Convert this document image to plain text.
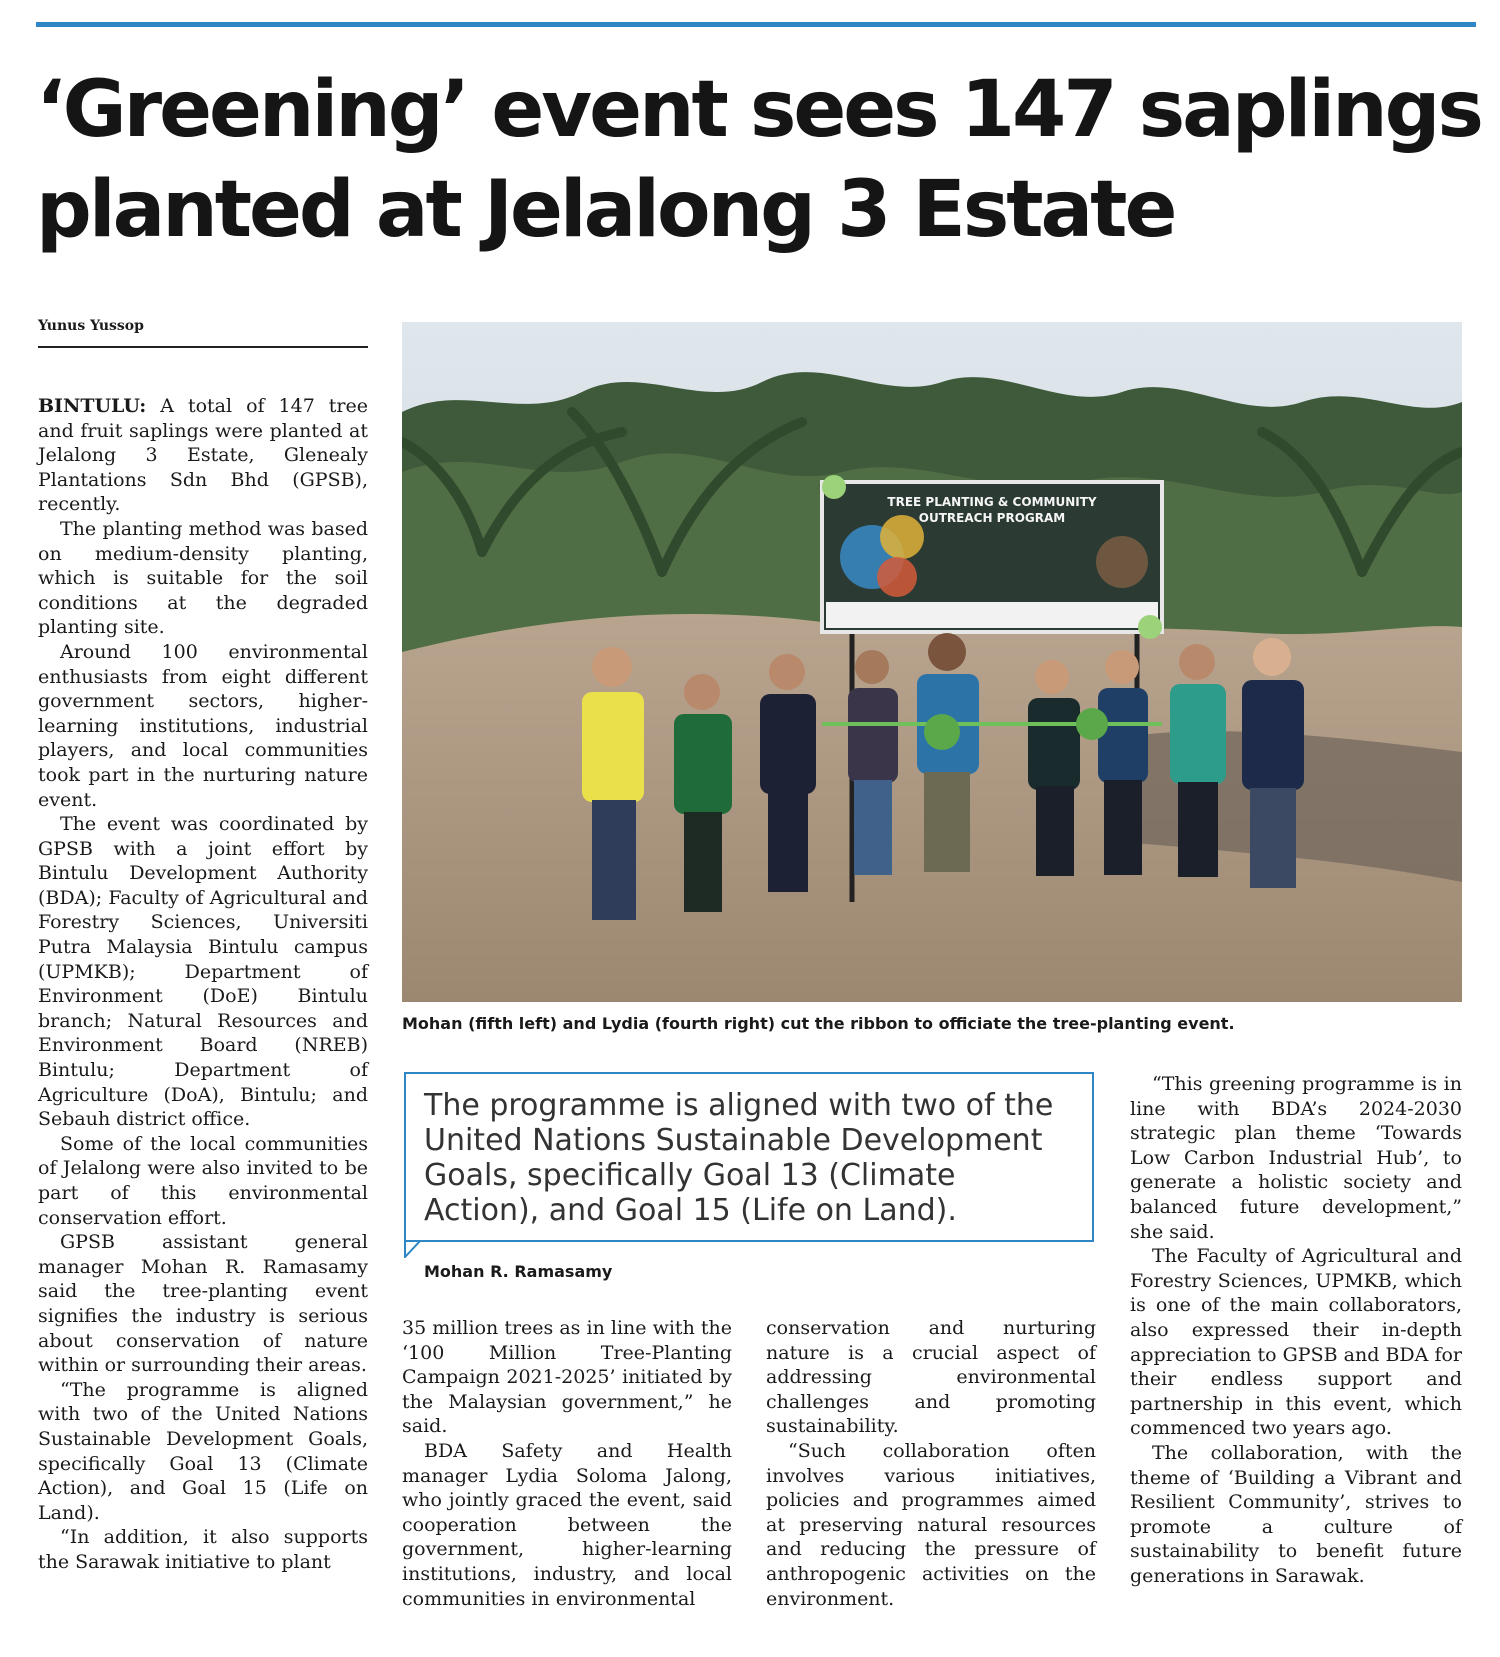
‘Greening’ event sees 147 saplings
planted at Jelalong 3 Estate
Yunus Yussop

BINTULU: A total of 147 tree and fruit saplings were planted at Jelalong 3 Estate, Glenealy Plantations Sdn Bhd (GPSB), recently.

The planting method was based on medium-density planting, which is suitable for the soil conditions at the degraded planting site.

Around 100 environmental enthusiasts from eight different government sectors, higher-learning institutions, industrial players, and local communities took part in the nurturing nature event.

The event was coordinated by GPSB with a joint effort by Bintulu Development Authority (BDA); Faculty of Agricultural and Forestry Sciences, Universiti Putra Malaysia Bintulu campus (UPMKB); Department of Environment (DoE) Bintulu branch; Natural Resources and Environment Board (NREB) Bintulu; Department of Agriculture (DoA), Bintulu; and Sebauh district office.

Some of the local communities of Jelalong were also invited to be part of this environmental conservation effort.

GPSB assistant general manager Mohan R. Ramasamy said the tree-planting event signifies the industry is serious about conservation of nature within or surrounding their areas.

“The programme is aligned with two of the United Nations Sustainable Development Goals, specifically Goal 13 (Climate Action), and Goal 15 (Life on Land).

“In addition, it also supports the Sarawak initiative to plant

TREE PLANTING & COMMUNITY
OUTREACH PROGRAM
Mohan (fifth left) and Lydia (fourth right) cut the ribbon to officiate the tree-planting event.
The programme is aligned with two of the United Nations Sustainable Development Goals, specifically Goal 13 (Climate Action), and Goal 15 (Life on Land).
Mohan R. Ramasamy

35 million trees as in line with the ‘100 Million Tree-Planting Campaign 2021-2025’ initiated by the Malaysian government,” he said.

BDA Safety and Health manager Lydia Soloma Jalong, who jointly graced the event, said cooperation between the government, higher-learning institutions, industry, and local communities in environmental

conservation and nurturing nature is a crucial aspect of addressing environmental challenges and promoting sustainability.

“Such collaboration often involves various initiatives, policies and programmes aimed at preserving natural resources and reducing the pressure of anthropogenic activities on the environment.

“This greening programme is in line with BDA’s 2024-2030 strategic plan theme ‘Towards Low Carbon Industrial Hub’, to generate a holistic society and balanced future development,” she said.

The Faculty of Agricultural and Forestry Sciences, UPMKB, which is one of the main collaborators, also expressed their in-depth appreciation to GPSB and BDA for their endless support and partnership in this event, which commenced two years ago.

The collaboration, with the theme of ‘Building a Vibrant and Resilient Community’, strives to promote a culture of sustainability to benefit future generations in Sarawak.
